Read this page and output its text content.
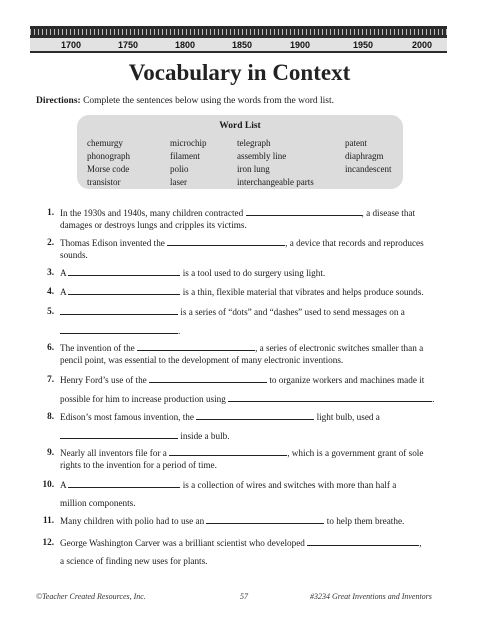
1700	1750	1800	1850	1900	1950	2000
Vocabulary in Context
Directions: Complete the sentences below using the words from the word list.
Word List
chemurgy	microchip	telegraph	patent
phonograph	filament	assembly line	diaphragm
Morse code	polio	iron lung	incandescent
transistor	laser	interchangeable parts
1. In the 1930s and 1940s, many children contracted	, a disease that
damages or destroys lungs and cripples its victims.
2. Thomas Edison invented the	, a device that records and reproduces
sounds.
3. A	is a tool used to do surgery using light.
4. A	is a thin, flexible material that vibrates and helps produce sounds.
5.	is a series of “dots” and “dashes” used to send messages on a
.
6. The invention of the	, a series of electronic switches smaller than a
pencil point, was essential to the development of many electronic inventions.
7. Henry Ford’s use of the	to organize workers and machines made it
possible for him to increase production using	.
8. Edison’s most famous invention, the	light bulb, used a
inside a bulb.
9. Nearly all inventors file for a	, which is a government grant of sole
rights to the invention for a period of time.
10. A	is a collection of wires and switches with more than half a
million components.
11. Many children with polio had to use an	to help them breathe.
12. George Washington Carver was a brilliant scientist who developed	,
a science of finding new uses for plants.
©Teacher Created Resources, Inc.	57	#3234 Great Inventions and Inventors
